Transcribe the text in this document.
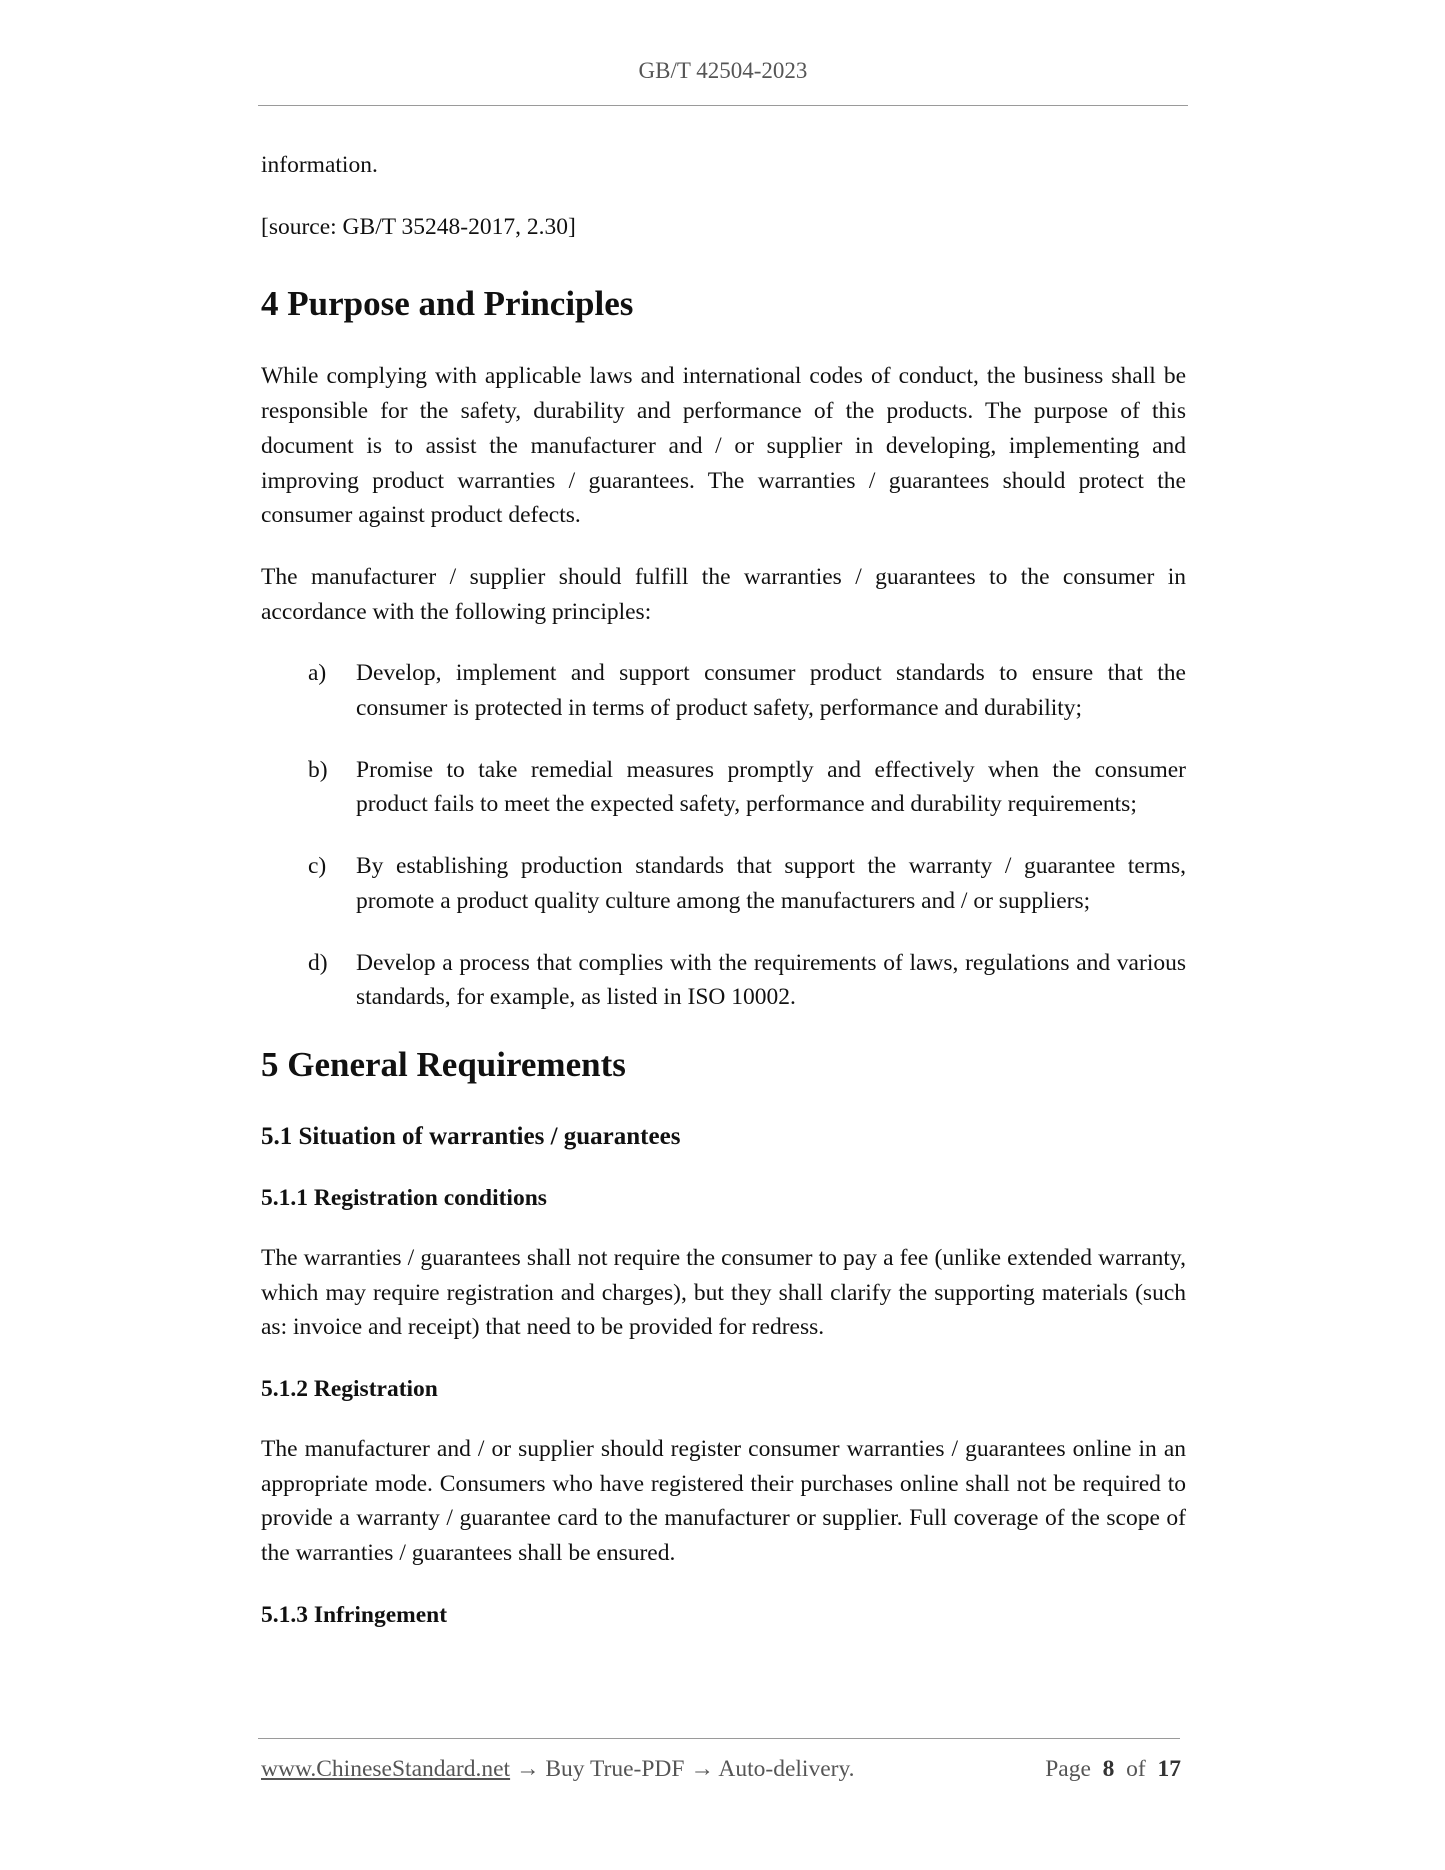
GB/T 42504-2023

information.

[source: GB/T 35248-2017, 2.30]

4 Purpose and Principles

While complying with applicable laws and international codes of conduct, the business shall be responsible for the safety, durability and performance of the products. The purpose of this document is to assist the manufacturer and / or supplier in developing, implementing and improving product warranties / guarantees. The warranties / guarantees should protect the consumer against product defects.

The manufacturer / supplier should fulfill the warranties / guarantees to the consumer in accordance with the following principles:

a) Develop, implement and support consumer product standards to ensure that the consumer is protected in terms of product safety, performance and durability;

b) Promise to take remedial measures promptly and effectively when the consumer product fails to meet the expected safety, performance and durability requirements;

c) By establishing production standards that support the warranty / guarantee terms, promote a product quality culture among the manufacturers and / or suppliers;

d) Develop a process that complies with the requirements of laws, regulations and various standards, for example, as listed in ISO 10002.

5 General Requirements
5.1 Situation of warranties / guarantees
5.1.1 Registration conditions

The warranties / guarantees shall not require the consumer to pay a fee (unlike extended warranty, which may require registration and charges), but they shall clarify the supporting materials (such as: invoice and receipt) that need to be provided for redress.

5.1.2 Registration

The manufacturer and / or supplier should register consumer warranties / guarantees online in an appropriate mode. Consumers who have registered their purchases online shall not be required to provide a warranty / guarantee card to the manufacturer or supplier. Full coverage of the scope of the warranties / guarantees shall be ensured.

5.1.3 Infringement
www.ChineseStandard.net → Buy True-PDF → Auto-delivery.	Page 8 of 17
